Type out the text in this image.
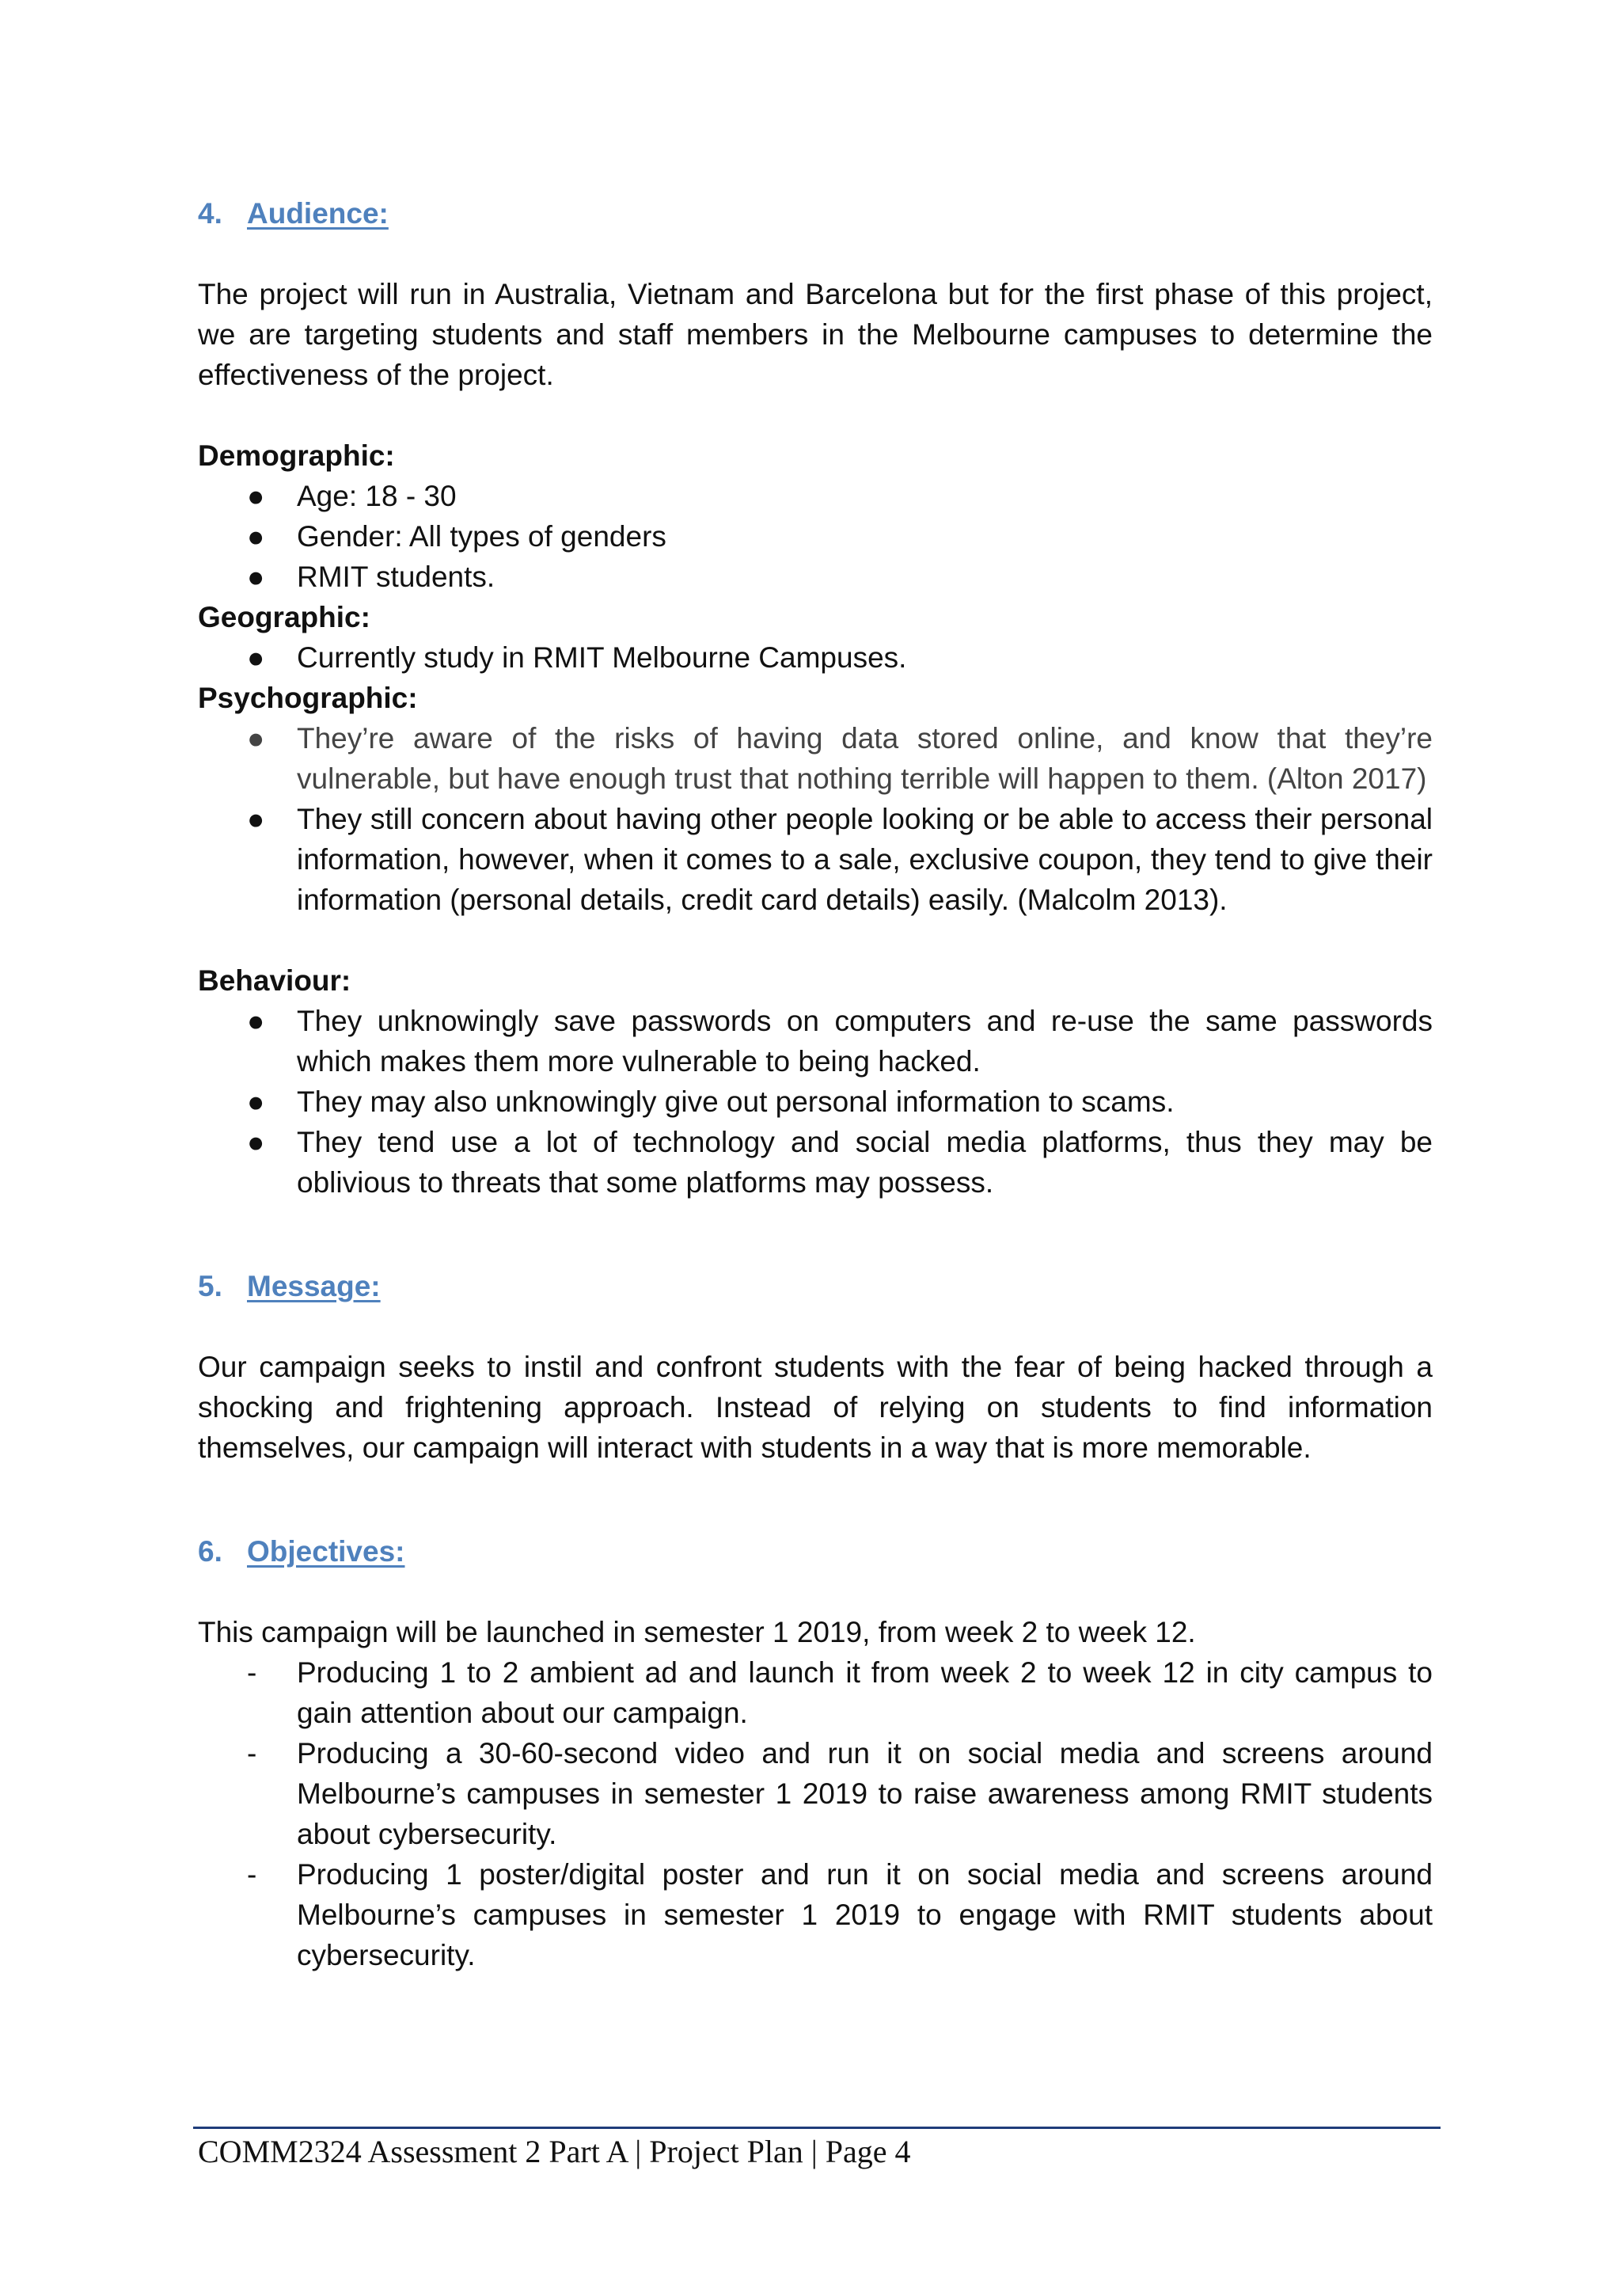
4. Audience:

The project will run in Australia, Vietnam and Barcelona but for the first phase of this project, we are targeting students and staff members in the Melbourne campuses to determine the effectiveness of the project.

Demographic:

●	Age: 18 - 30
●	Gender: All types of genders
●	RMIT students.

Geographic:

●	Currently study in RMIT Melbourne Campuses.

Psychographic:

●	They’re aware of the risks of having data stored online, and know that they’re vulnerable, but have enough trust that nothing terrible will happen to them. (Alton 2017)
●	They still concern about having other people looking or be able to access their personal information, however, when it comes to a sale, exclusive coupon, they tend to give their information (personal details, credit card details) easily. (Malcolm 2013).

Behaviour:

●	They unknowingly save passwords on computers and re-use the same passwords which makes them more vulnerable to being hacked.
●	They may also unknowingly give out personal information to scams.
●	They tend use a lot of technology and social media platforms, thus they may be oblivious to threats that some platforms may possess.
5. Message:

Our campaign seeks to instil and confront students with the fear of being hacked through a shocking and frightening approach. Instead of relying on students to find information themselves, our campaign will interact with students in a way that is more memorable.

6. Objectives:

This campaign will be launched in semester 1 2019, from week 2 to week 12.

-	Producing 1 to 2 ambient ad and launch it from week 2 to week 12 in city campus to gain attention about our campaign.
-	Producing a 30-60-second video and run it on social media and screens around Melbourne’s campuses in semester 1 2019 to raise awareness among RMIT students about cybersecurity.
-	Producing 1 poster/digital poster and run it on social media and screens around Melbourne’s campuses in semester 1 2019 to engage with RMIT students about cybersecurity.
COMM2324 Assessment 2 Part A | Project Plan | Page 4
